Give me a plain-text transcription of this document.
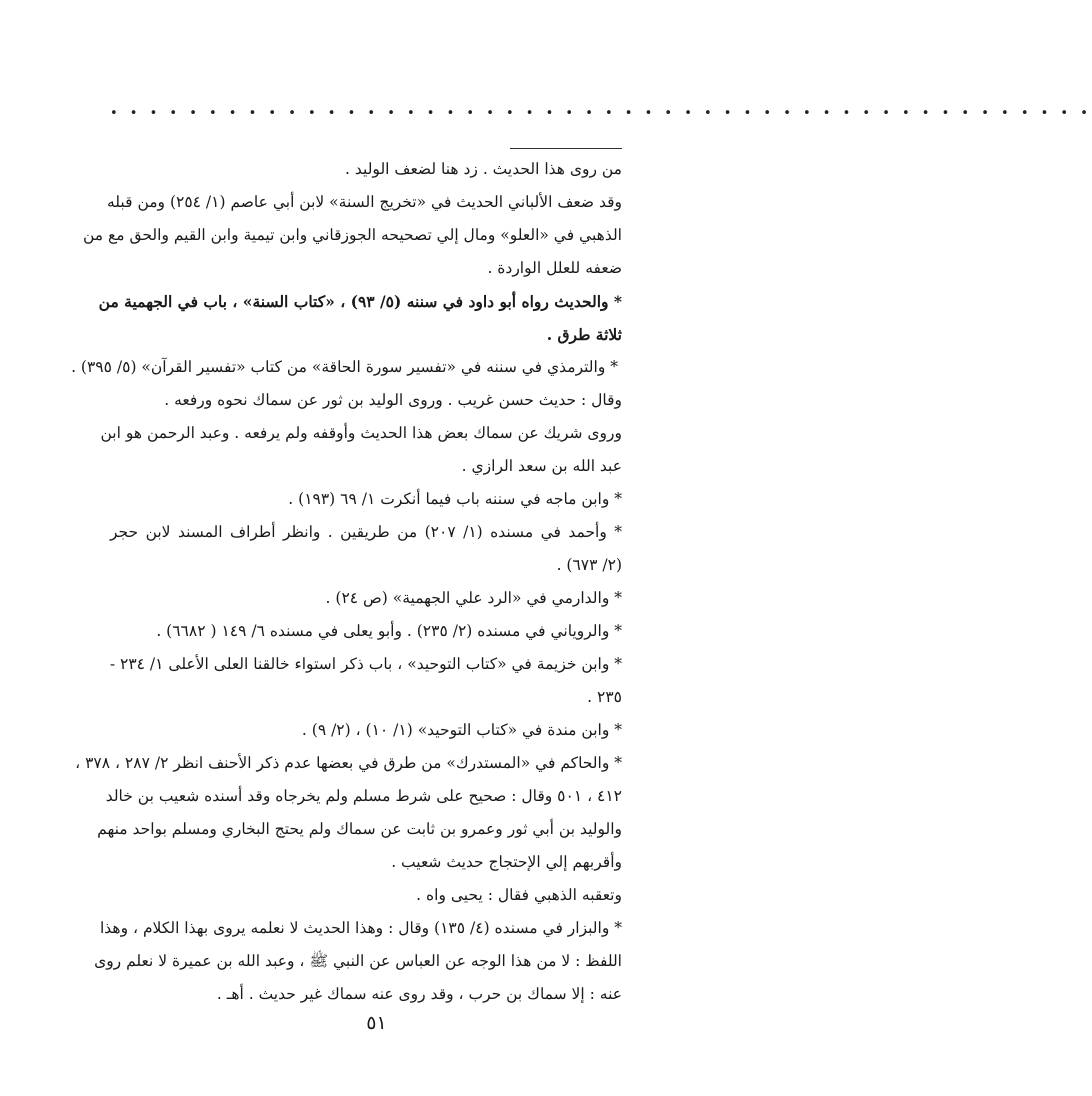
• • • • • • • • • • • • • • • • • • • • • • • • • • • • • • • • • • • • • • • • • • • • • • • • • •
من روى هذا الحديث . زد هنا لضعف الوليد .
وقد ضعف الألباني الحديث في «تخريج السنة» لابن أبي عاصم (١/ ٢٥٤) ومن قبله
الذهبي في «العلو» ومال إلي تصحيحه الجوزقاني وابن تيمية وابن القيم والحق مع من
ضعفه للعلل الواردة .
* والحديث رواه أبو داود في سننه (٥/ ٩٣) ، «كتاب السنة» ، باب في الجهمية من
ثلاثة طرق .
* والترمذي في سننه في «تفسير سورة الحاقة» من كتاب «تفسير القرآن» (٥/ ٣٩٥) .
وقال : حديث حسن غريب . وروى الوليد بن ثور عن سماك نحوه ورفعه .
وروى شريك عن سماك بعض هذا الحديث وأوقفه ولم يرفعه . وعبد الرحمن هو ابن
عبد الله بن سعد الرازي .
* وابن ماجه في سننه باب فيما أنكرت ١/ ٦٩ (١٩٣) .
* وأحمد في مسنده (١/ ٢٠٧) من طريقين . وانظر أطراف المسند لابن حجر
(٢/ ٦٧٣) .
* والدارمي في «الرد علي الجهمية» (ص ٢٤) .
* والروياني في مسنده (٢/ ٢٣٥) . وأبو يعلى في مسنده ٦/ ١٤٩ ( ٦٦٨٢) .
* وابن خزيمة في «كتاب التوحيد» ، باب ذكر استواء خالقنا العلى الأعلى ١/ ٢٣٤ -
٢٣٥ .
* وابن مندة في «كتاب التوحيد» (١/ ١٠) ، (٢/ ٩) .
* والحاكم في «المستدرك» من طرق في بعضها عدم ذكر الأحنف انظر ٢/ ٢٨٧ ، ٣٧٨ ،
٤١٢ ، ٥٠١ وقال : صحيح على شرط مسلم ولم يخرجاه وقد أسنده شعيب بن خالد
والوليد بن أبي ثور وعمرو بن ثابت عن سماك ولم يحتج البخاري ومسلم بواحد منهم
وأقربهم إلي الإحتجاج حديث شعيب .
وتعقبه الذهبي فقال : يحيى واه .
* والبزار في مسنده (٤/ ١٣٥) وقال : وهذا الحديث لا نعلمه يروى بهذا الكلام ، وهذا
اللفظ : لا من هذا الوجه عن العباس عن النبي ﷺ ، وعبد الله بن عميرة لا نعلم روى
عنه : إلا سماك بن حرب ، وقد روى عنه سماك غير حديث . أهـ .
٥١
